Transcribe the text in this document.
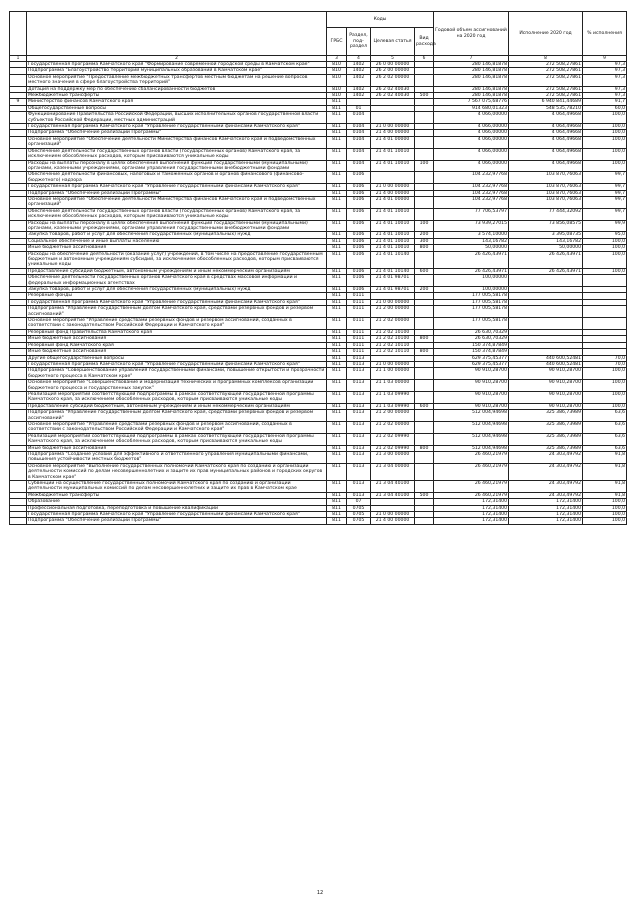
		Коды				Годовой объем ассигнований на 2020 год	Исполнение 2020 год	% исполнения
		ГРБС	Раздел, под-раздел	Целевая статья	Вид расхода			
1	2	3	4	5	6	7	8	9
	Государственная программа Камчатского края "Формирование современной городской среды в Камчатском крае"	810	1402	26 0 00 00000		280 146,81878	272 508,27861	97,3
	Подпрограмма "Благоустройство территорий муниципальных образований в Камчатском крае"	810	1402	26 2 00 00000		280 146,81878	272 508,27861	97,3
	Основное мероприятие "Предоставление межбюджетных трансфертов местным бюджетам на решение вопросов местного значения в сфере благоустройства территорий"	810	1402	26 2 02 00000		280 146,81878	272 508,27861	97,3
	Дотация на поддержку мер по обеспечению сбалансированности бюджетов	810	1402	26 2 02 40030		280 146,81878	272 508,27861	97,3
	Межбюджетные трансферты	810	1402	26 2 02 40030	500	280 146,81878	272 508,27861	97,3
9	Министерство финансов Камчатского края	811				7 567 075,68776	6 940 841,44689	91,7
	Общегосударственные вопросы	811	01			914 680,01323	548 535,78210	60,0
	Функционирование Правительства Российской Федерации, высших исполнительных органов государственной власти субъектов Российской Федерации, местных администраций	811	0104			4 066,00000	4 064,49668	100,0
	Государственная программа Камчатского края "Управление государственными финансами Камчатского края"	811	0104	21 0 00 00000		4 066,00000	4 064,49668	100,0
	Подпрограмма "Обеспечение реализации Программы"	811	0104	21 4 00 00000		4 066,00000	4 064,49668	100,0
	Основное мероприятие "Обеспечение деятельности Министерства финансов Камчатского края и подведомственных организаций"	811	0104	21 4 01 00000		4 066,00000	4 064,49668	100,0
	Обеспечение деятельности государственных органов власти (государственных органов) Камчатского края, за исключением обособленных расходов, которым присваиваются уникальные коды	811	0104	21 4 01 10010		4 066,00000	4 064,49668	100,0
	Расходы на выплаты персоналу в целях обеспечения выполнения функций государственными (муниципальными) органами, казенными учреждениями, органами управления государственными внебюджетными фондами	811	0104	21 4 01 10010	100	4 066,00000	4 064,49668	100,0
	Обеспечение деятельности финансовых, налоговых и таможенных органов и органов финансового (финансово-бюджетного) надзора	811	0106			104 232,97768	103 870,76063	99,7
	Государственная программа Камчатского края "Управление государственными финансами Камчатского края"	811	0106	21 0 00 00000		104 232,97768	103 870,76063	99,7
	Подпрограмма "Обеспечение реализации Программы"	811	0106	21 4 00 00000		104 232,97768	103 870,76063	99,7
	Основное мероприятие "Обеспечение деятельности Министерства финансов Камчатского края и подведомственных организаций"	811	0106	21 4 01 00000		104 232,97768	103 870,76063	99,7
	Обеспечение деятельности государственных органов власти (государственных органов) Камчатского края, за исключением обособленных расходов, которым присваиваются уникальные коды	811	0106	21 4 01 10010		77 706,53797	77 444,32092	99,7
	Расходы на выплаты персоналу в целях обеспечения выполнения функций государственными (муниципальными) органами, казенными учреждениями, органами управления государственными внебюджетными фондами	811	0106	21 4 01 10010	100	73 939,27015	73 856,08575	99,9
	Закупка товаров, работ и услуг для обеспечения государственных (муниципальных) нужд	811	0106	21 4 01 10010	200	3 574,10000	3 395,08735	95,0
	Социальное обеспечение и иные выплаты населению	811	0106	21 4 01 10010	300	143,16782	143,16782	100,0
	Иные бюджетные ассигнования	811	0106	21 4 01 10010	800	50,00000	50,00000	100,0
	Расходы на обеспечение деятельности (оказание услуг) учреждений, в том числе на предоставление государственным бюджетным и автономным учреждениям субсидий, за исключением обособленных расходов, которым присваиваются уникальные коды	811	0106	21 4 01 10140		26 426,43971	26 426,43971	100,0
	Предоставление субсидий бюджетным, автономным учреждениям и иным некоммерческим организациям	811	0106	21 4 01 10140	600	26 426,43971	26 426,43971	100,0
	Обеспечение деятельности государственных органов Камчатского края в средствах массовой информации и федеральных информационных агентствах	811	0106	21 4 01 98701		100,00000		
	Закупка товаров, работ и услуг для обеспечения государственных (муниципальных) нужд	811	0106	21 4 01 98701	200	100,00000		
	Резервные фонды	811	0111			177 005,58178		
	Государственная программа Камчатского края "Управление государственными финансами Камчатского края"	811	0111	21 0 00 00000		177 005,58178		
	Подпрограмма "Управление государственным долгом Камчатского края, средствами резервных фондов и резервом ассигнований"	811	0111	21 2 00 00000		177 005,58178		
	Основное мероприятие "Управление средствами резервных фондов и резервом ассигнований, созданных в соответствии с законодательством Российской Федерации и Камчатского края"	811	0111	21 2 02 00000		177 005,58178		
	Резервный фонд Правительства Камчатского края	811	0111	21 2 02 10100		26 630,70329		
	Иные бюджетные ассигнования	811	0111	21 2 02 10100	800	26 630,70329		
	Резервный фонд Камчатского края	811	0111	21 2 02 10110		150 374,87849		
	Иные бюджетные ассигнования	811	0111	21 2 02 10110	800	150 374,87849		
	Другие общегосударственные вопросы	811	0113			629 375,45377	440 600,52481	70,0
	Государственная программа Камчатского края "Управление государственными финансами Камчатского края"	811	0113	21 0 00 00000		629 375,45377	440 600,52481	70,0
	Подпрограмма "Совершенствование управления государственными финансами, повышение открытости и прозрачности бюджетного процесса в Камчатском крае"	811	0113	21 1 00 00000		90 910,28700	90 910,28700	100,0
	Основное мероприятие "Совершенствование и модернизация технических и программных комплексов организации бюджетного процесса и государственных закупок"	811	0113	21 1 03 00000		90 910,28700	90 910,28700	100,0
	Реализация мероприятий соответствующей подпрограммы в рамках соответствующей государственной программы Камчатского края, за исключением обособленных расходов, которым присваиваются уникальные коды	811	0113	21 1 03 09990		90 910,28700	90 910,28700	100,0
	Предоставление субсидий бюджетным, автономным учреждениям и иным некоммерческим организациям	811	0113	21 1 03 09990	600	90 910,28700	90 910,28700	100,0
	Подпрограмма "Управление государственным долгом Камчатского края, средствами резервных фондов и резервом ассигнований"	811	0113	21 2 00 00000		512 004,94698	325 386,73989	63,6
	Основное мероприятие "Управление средствами резервных фондов и резервом ассигнований, созданных в соответствии с законодательством Российской Федерации и Камчатского края"	811	0113	21 2 02 00000		512 004,94698	325 386,73989	63,6
	Реализация мероприятий соответствующей подпрограммы в рамках соответствующей государственной программы Камчатского края, за исключением обособленных расходов, которым присваиваются уникальные коды	811	0113	21 2 02 09990		512 004,94698	325 386,73989	63,6
	Иные бюджетные ассигнования	811	0113	21 2 02 09990	800	512 004,94698	325 386,73989	63,6
	Подпрограмма "Создание условий для эффективного и ответственного управления муниципальными финансами, повышения устойчивости местных бюджетов"	811	0113	21 3 00 00000		26 460,21979	24 303,49792	91,8
	Основное мероприятие "Выполнение государственных полномочий Камчатского края по созданию и организации деятельности комиссий по делам несовершеннолетних и защите их прав муниципальных районов и городских округов в Камчатском крае"	811	0113	21 3 04 00000		26 460,21979	24 303,49792	91,8
	Субвенции на осуществление государственных полномочий Камчатского края по созданию и организации деятельности муниципальных комиссий по делам несовершеннолетних и защите их прав в Камчатском крае	811	0113	21 3 04 40100		26 460,21979	24 303,49792	91,8
	Межбюджетные трансферты	811	0113	21 3 04 40100	500	26 460,21979	24 303,49792	91,8
	Образование	811	07			172,31400	172,31400	100,0
	Профессиональная подготовка, переподготовка и повышение квалификации	811	0705			172,31400	172,31400	100,0
	Государственная программа Камчатского края "Управление государственными финансами Камчатского края"	811	0705	21 0 00 00000		172,31400	172,31400	100,0
	Подпрограмма "Обеспечение реализации Программы"	811	0705	21 4 00 00000		172,31400	172,31400	100,0
12
